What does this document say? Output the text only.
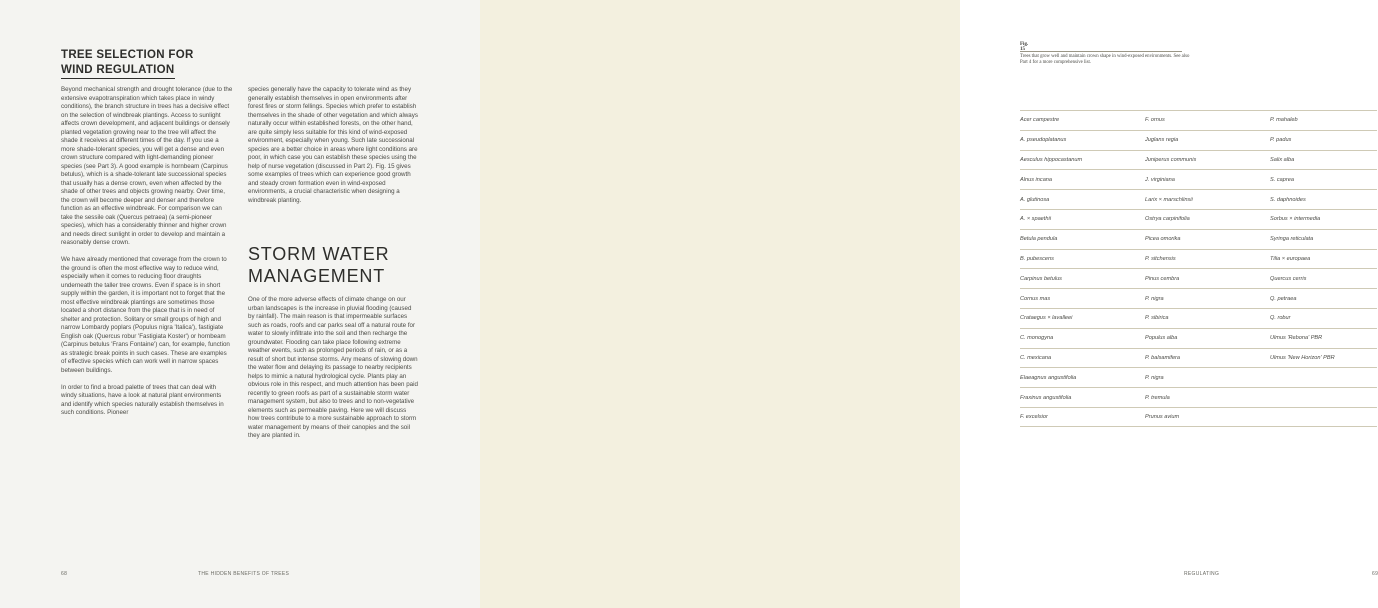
TREE SELECTION FOR
WIND REGULATION

Beyond mechanical strength and drought tolerance (due to the extensive evapotranspiration which takes place in windy conditions), the branch structure in trees has a decisive effect on the selection of windbreak plantings. Access to sunlight affects crown development, and adjacent buildings or densely planted vegetation growing near to the tree will affect the shade it receives at different times of the day. If you use a more shade-tolerant species, you will get a dense and even crown structure compared with light-demanding pioneer species (see Part 3). A good example is hornbeam (Carpinus betulus), which is a shade-tolerant late successional species that usually has a dense crown, even when affected by the shade of other trees and objects growing nearby. Over time, the crown will become deeper and denser and therefore function as an effective windbreak. For comparison we can take the sessile oak (Quercus petraea) (a semi-pioneer species), which has a considerably thinner and higher crown and needs direct sunlight in order to develop and maintain a reasonably dense crown.

We have already mentioned that coverage from the crown to the ground is often the most effective way to reduce wind, especially when it comes to reducing floor draughts underneath the taller tree crowns. Even if space is in short supply within the garden, it is important not to forget that the most effective windbreak plantings are sometimes those located a short distance from the place that is in need of shelter and protection. Solitary or small groups of high and narrow Lombardy poplars (Populus nigra 'Italica'), fastigiate English oak (Quercus robur 'Fastigiata Koster') or hornbeam (Carpinus betulus 'Frans Fontaine') can, for example, function as strategic break points in such cases. These are examples of effective species which can work well in narrow spaces between buildings.

In order to find a broad palette of trees that can deal with windy situations, have a look at natural plant environments and identify which species naturally establish themselves in such conditions. Pioneer

species generally have the capacity to tolerate wind as they generally establish themselves in open environments after forest fires or storm fellings. Species which prefer to establish themselves in the shade of other vegetation and which always naturally occur within established forests, on the other hand, are quite simply less suitable for this kind of wind-exposed environment, especially when young. Such late successional species are a better choice in areas where light conditions are poor, in which case you can establish these species using the help of nurse vegetation (discussed in Part 2). Fig. 15 gives some examples of trees which can experience good growth and steady crown formation even in wind-exposed environments, a crucial characteristic when designing a windbreak planting.

STORM WATER
MANAGEMENT

One of the more adverse effects of climate change on our urban landscapes is the increase in pluvial flooding (caused by rainfall). The main reason is that impermeable surfaces such as roads, roofs and car parks seal off a natural route for water to slowly infiltrate into the soil and then recharge the groundwater. Flooding can take place following extreme weather events, such as prolonged periods of rain, or as a result of short but intense storms. Any means of slowing down the water flow and delaying its passage to nearby recipients helps to mimic a natural hydrological cycle. Plants play an obvious role in this respect, and much attention has been paid recently to green roofs as part of a sustainable storm water management system, but also to trees and to non-vegetative elements such as permeable paving. Here we will discuss how trees contribute to a more sustainable approach to storm water management by means of their canopies and the soil they are planted in.

68	THE HIDDEN BENEFITS OF TREES
Fig. 15
Trees that grow well and maintain crown shape in wind-exposed environments. See also Part 4 for a more comprehensive list.
Acer campestre	F. ornus	P. mahaleb
A. pseudoplatanus	Juglans regia	P. padus
Aesculus hippocastanum	Juniperus communis	Salix alba
Alnus incana	J. virginiana	S. caprea
A. glutinosa	Larix × marschlinsii	S. daphnoides
A. × spaethii	Ostrya carpinifolia	Sorbus × intermedia
Betula pendula	Picea omorika	Syringa reticulata
B. pubescens	P. sitchensis	Tilia × europaea
Carpinus betulus	Pinus cembra	Quercus cerris
Cornus mas	P. nigra	Q. petraea
Crataegus × lavalleei	P. sibirica	Q. robur
C. monogyna	Populus alba	Ulmus 'Rebona' PBR
C. mexicana	P. balsamifera	Ulmus 'New Horizon' PBR
Elaeagnus angustifolia	P. nigra
Fraxinus angustifolia	P. tremula
F. excelsior	Prunus avium
REGULATING	69
